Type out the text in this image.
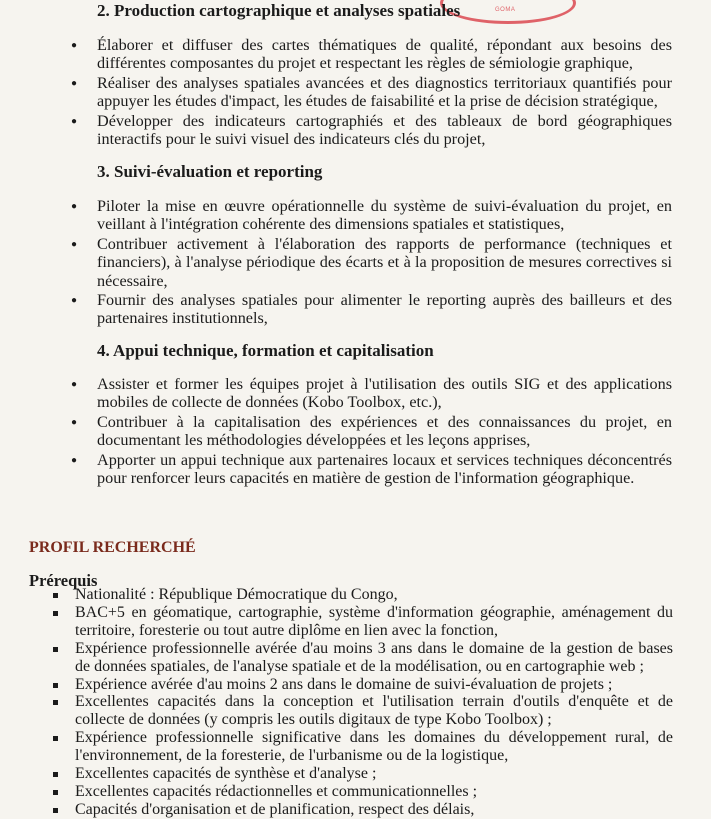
GOMA
2. Production cartographique et analyses spatiales
● Élaborer et diffuser des cartes thématiques de qualité, répondant aux besoins des différentes composantes du projet et respectant les règles de sémiologie graphique,
● Réaliser des analyses spatiales avancées et des diagnostics territoriaux quantifiés pour appuyer les études d'impact, les études de faisabilité et la prise de décision stratégique,
● Développer des indicateurs cartographiés et des tableaux de bord géographiques interactifs pour le suivi visuel des indicateurs clés du projet,
3. Suivi-évaluation et reporting
● Piloter la mise en œuvre opérationnelle du système de suivi-évaluation du projet, en veillant à l'intégration cohérente des dimensions spatiales et statistiques,
● Contribuer activement à l'élaboration des rapports de performance (techniques et financiers), à l'analyse périodique des écarts et à la proposition de mesures correctives si nécessaire,
● Fournir des analyses spatiales pour alimenter le reporting auprès des bailleurs et des partenaires institutionnels,
4. Appui technique, formation et capitalisation
● Assister et former les équipes projet à l'utilisation des outils SIG et des applications mobiles de collecte de données (Kobo Toolbox, etc.),
● Contribuer à la capitalisation des expériences et des connaissances du projet, en documentant les méthodologies développées et les leçons apprises,
● Apporter un appui technique aux partenaires locaux et services techniques déconcentrés pour renforcer leurs capacités en matière de gestion de l'information géographique.
PROFIL RECHERCHÉ
Prérequis
Nationalité : République Démocratique du Congo,
BAC+5 en géomatique, cartographie, système d'information géographie, aménagement du territoire, foresterie ou tout autre diplôme en lien avec la fonction,
Expérience professionnelle avérée d'au moins 3 ans dans le domaine de la gestion de bases de données spatiales, de l'analyse spatiale et de la modélisation, ou en cartographie web ;
Expérience avérée d'au moins 2 ans dans le domaine de suivi-évaluation de projets ;
Excellentes capacités dans la conception et l'utilisation terrain d'outils d'enquête et de collecte de données (y compris les outils digitaux de type Kobo Toolbox) ;
Expérience professionnelle significative dans les domaines du développement rural, de l'environnement, de la foresterie, de l'urbanisme ou de la logistique,
Excellentes capacités de synthèse et d'analyse ;
Excellentes capacités rédactionnelles et communicationnelles ;
Capacités d'organisation et de planification, respect des délais,
